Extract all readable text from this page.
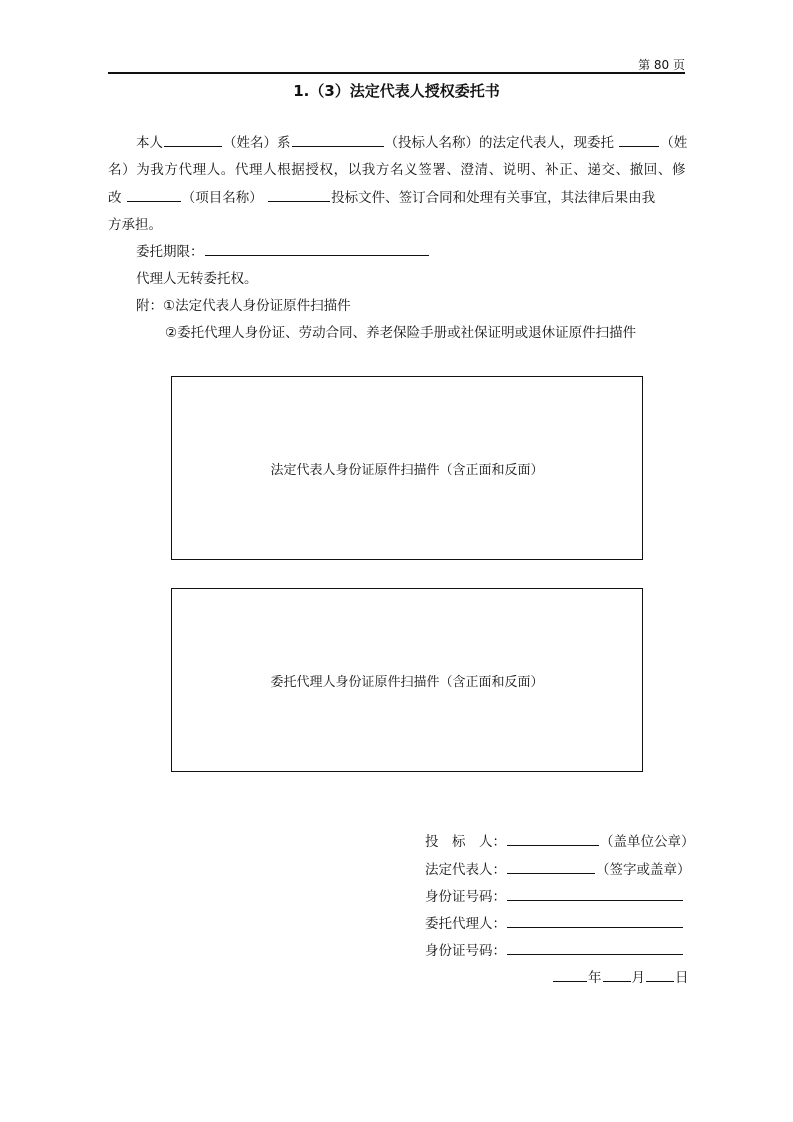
第 80 页
1.（3）法定代表人授权委托书
本人	（姓名）系	（投标人名称）的法定代表人，现委托	（姓
名）为我方代理人。代理人根据授权，以我方名义签署、澄清、说明、补正、递交、撤回、修
改	（项目名称）	投标文件、签订合同和处理有关事宜，其法律后果由我
方承担。
委托期限：
代理人无转委托权。
附：①法定代表人身份证原件扫描件
②委托代理人身份证、劳动合同、养老保险手册或社保证明或退休证原件扫描件
法定代表人身份证原件扫描件（含正面和反面）
委托代理人身份证原件扫描件（含正面和反面）
投　标　人：	（盖单位公章）
法定代表人：	（签字或盖章）
身份证号码：
委托代理人：
身份证号码：
年 月 日
